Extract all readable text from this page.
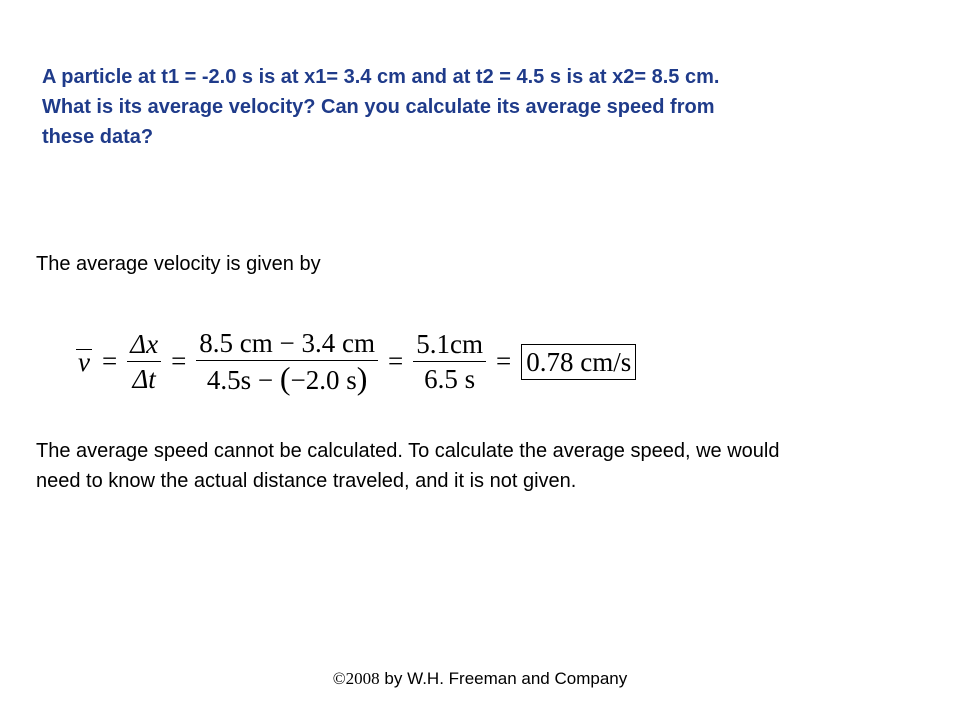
A particle at t1 = -2.0 s is at x1= 3.4 cm and at t2 = 4.5 s is at x2= 8.5 cm.
What is its average velocity? Can you calculate its average speed from
these data?

The average velocity is given by

$v = \frac{\Delta x}{\Delta t} = \frac{8.5 cm - 3.4 cm}{4.5s - (-2.0 s)} = \frac{5.1cm}{6.5 s} = 0.78$ cm/s
The average speed cannot be calculated. To calculate the average speed, we would
need to know the actual distance traveled, and it is not given.
©2008 by W.H. Freeman and Company
